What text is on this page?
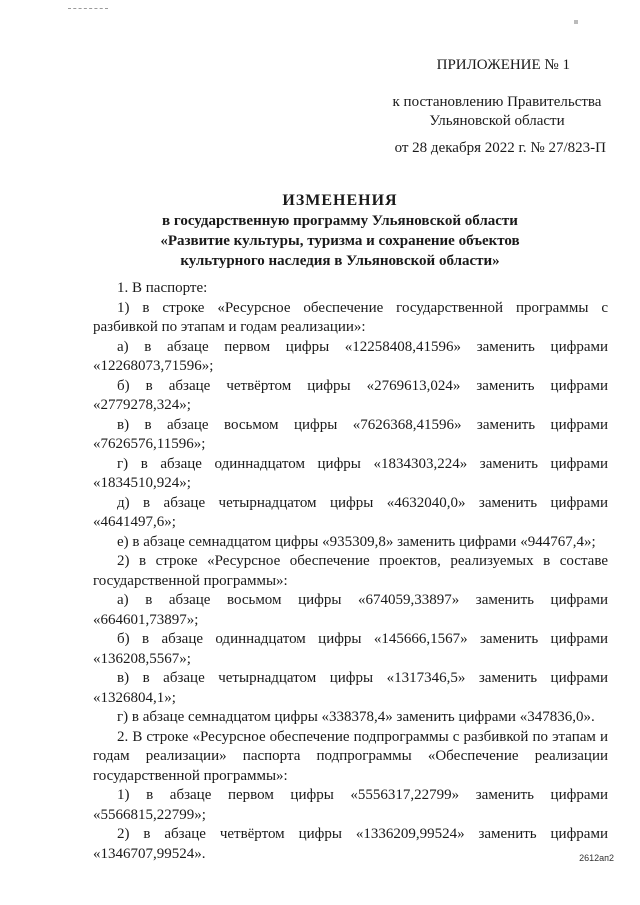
ПРИЛОЖЕНИЕ № 1
к постановлению Правительства
Ульяновской области
от 28 декабря 2022 г. № 27/823-П
ИЗМЕНЕНИЯ
в государственную программу Ульяновской области
«Развитие культуры, туризма и сохранение объектов
культурного наследия в Ульяновской области»

1. В паспорте:

1) в строке «Ресурсное обеспечение государственной программы с разбивкой по этапам и годам реализации»:

а) в абзаце первом цифры «12258408,41596» заменить цифрами «12268073,71596»;

б) в абзаце четвёртом цифры «2769613,024» заменить цифрами «2779278,324»;

в) в абзаце восьмом цифры «7626368,41596» заменить цифрами «7626576,11596»;

г) в абзаце одиннадцатом цифры «1834303,224» заменить цифрами «1834510,924»;

д) в абзаце четырнадцатом цифры «4632040,0» заменить цифрами «4641497,6»;

е) в абзаце семнадцатом цифры «935309,8» заменить цифрами «944767,4»;

2) в строке «Ресурсное обеспечение проектов, реализуемых в составе государственной программы»:

а) в абзаце восьмом цифры «674059,33897» заменить цифрами «664601,73897»;

б) в абзаце одиннадцатом цифры «145666,1567» заменить цифрами «136208,5567»;

в) в абзаце четырнадцатом цифры «1317346,5» заменить цифрами «1326804,1»;

г) в абзаце семнадцатом цифры «338378,4» заменить цифрами «347836,0».

2. В строке «Ресурсное обеспечение подпрограммы с разбивкой по этапам и годам реализации» паспорта подпрограммы «Обеспечение реализации государственной программы»:

1) в абзаце первом цифры «5556317,22799» заменить цифрами «5566815,22799»;

2) в абзаце четвёртом цифры «1336209,99524» заменить цифрами «1346707,99524».	2612ап2
